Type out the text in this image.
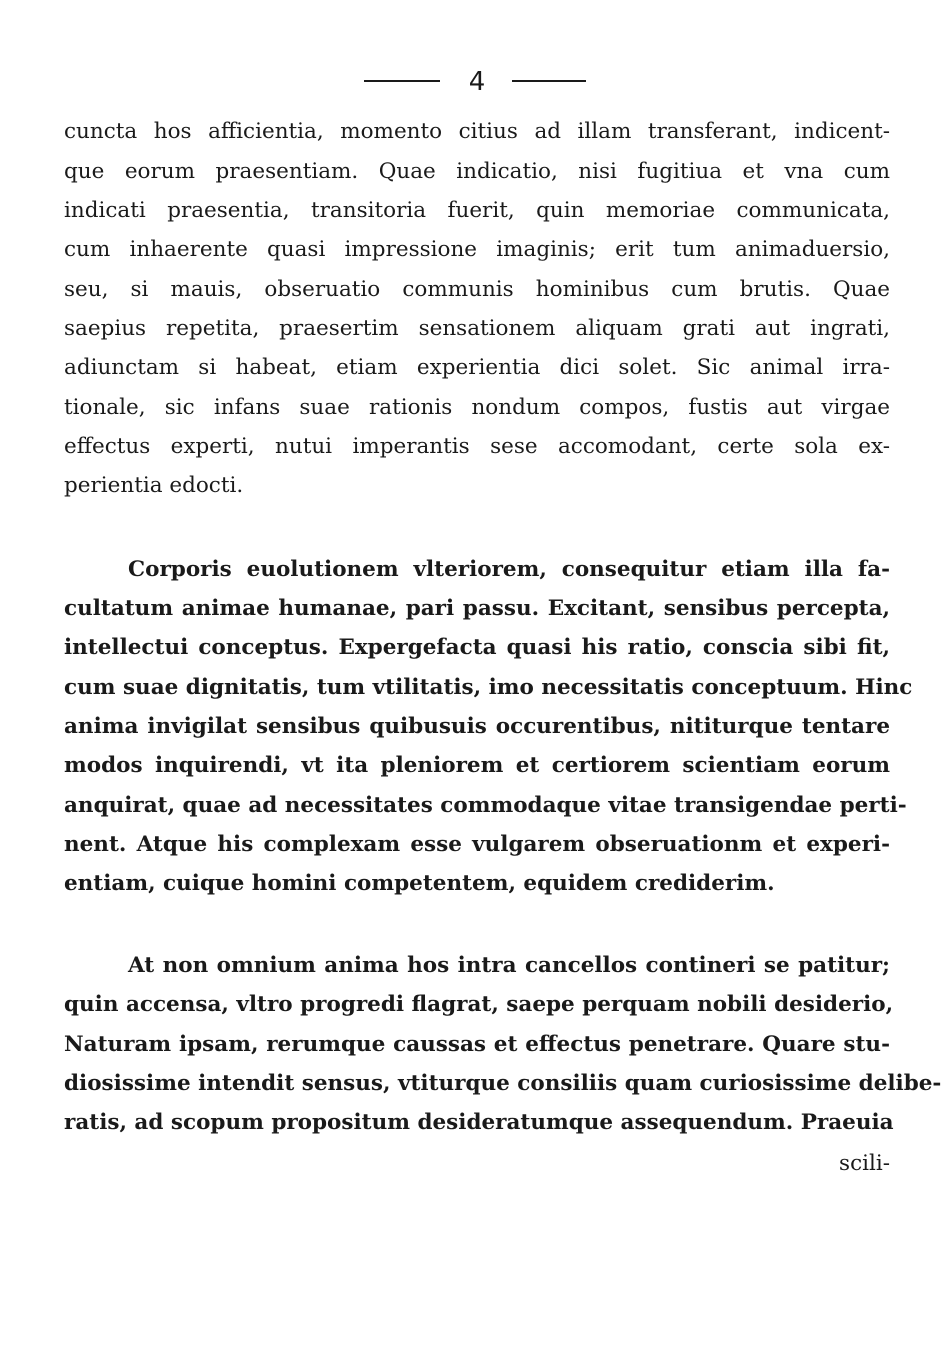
4
cuncta hos afficientia, momento citius ad illam transferant, indicent-
que eorum praesentiam. Quae indicatio, nisi fugitiua et vna cum
indicati praesentia, transitoria fuerit, quin memoriae communicata,
cum inhaerente quasi impressione imaginis; erit tum animaduersio,
seu, si mauis, obseruatio communis hominibus cum brutis. Quae
saepius repetita, praesertim sensationem aliquam grati aut ingrati,
adiunctam si habeat, etiam experientia dici solet. Sic animal irra-
tionale, sic infans suae rationis nondum compos, fustis aut virgae
effectus experti, nutui imperantis sese accomodant, certe sola ex-
perientia edocti.
Corporis euolutionem vlteriorem, consequitur etiam illa fa-
cultatum animae humanae, pari passu. Excitant, sensibus percepta,
intellectui conceptus. Expergefacta quasi his ratio, conscia sibi fit,
cum suae dignitatis, tum vtilitatis, imo necessitatis conceptuum. Hinc
anima invigilat sensibus quibusuis occurentibus, nititurque tentare
modos inquirendi, vt ita pleniorem et certiorem scientiam eorum
anquirat, quae ad necessitates commodaque vitae transigendae perti-
nent. Atque his complexam esse vulgarem obseruationm et experi-
entiam, cuique homini competentem, equidem crediderim.
At non omnium anima hos intra cancellos contineri se patitur;
quin accensa, vltro progredi flagrat, saepe perquam nobili desiderio,
Naturam ipsam, rerumque caussas et effectus penetrare. Quare stu-
diosissime intendit sensus, vtiturque consiliis quam curiosissime delibe-
ratis, ad scopum propositum desideratumque assequendum. Praeuia
scili-
